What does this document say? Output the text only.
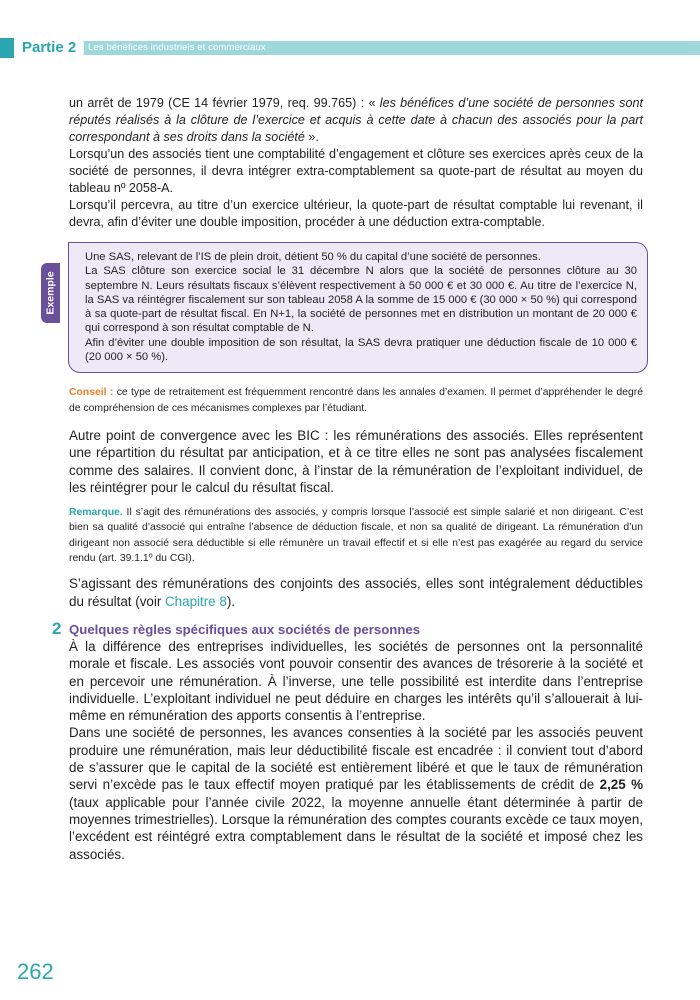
Partie 2	Les bénéfices industriels et commerciaux

un arrêt de 1979 (CE 14 février 1979, req. 99.765) : « les bénéfices d’une société de personnes sont réputés réalisés à la clôture de l’exercice et acquis à cette date à chacun des associés pour la part correspondant à ses droits dans la société ».

Lorsqu’un des associés tient une comptabilité d’engagement et clôture ses exercices après ceux de la société de personnes, il devra intégrer extra-comptablement sa quote-part de résultat au moyen du tableau nº 2058-A.

Lorsqu’il percevra, au titre d’un exercice ultérieur, la quote-part de résultat comptable lui revenant, il devra, afin d’éviter une double imposition, procéder à une déduction extra-comptable.

Exemple

Une SAS, relevant de l’IS de plein droit, détient 50 % du capital d’une société de personnes.

La SAS clôture son exercice social le 31 décembre N alors que la société de personnes clôture au 30 septembre N. Leurs résultats fiscaux s’élèvent respectivement à 50 000 € et 30 000 €. Au titre de l’exercice N, la SAS va réintégrer fiscalement sur son tableau 2058 A la somme de 15 000 € (30 000 × 50 %) qui correspond à sa quote-part de résultat fiscal. En N+1, la société de personnes met en distribution un montant de 20 000 € qui correspond à son résultat comptable de N.

Afin d’éviter une double imposition de son résultat, la SAS devra pratiquer une déduction fiscale de 10 000 € (20 000 × 50 %).

Conseil : ce type de retraitement est fréquemment rencontré dans les annales d’examen. Il permet d’appréhender le degré de compréhension de ces mécanismes complexes par l’étudiant.

Autre point de convergence avec les BIC : les rémunérations des associés. Elles représentent une répartition du résultat par anticipation, et à ce titre elles ne sont pas analysées fiscalement comme des salaires. Il convient donc, à l’instar de la rémunération de l’exploitant individuel, de les réintégrer pour le calcul du résultat fiscal.

Remarque. Il s’agit des rémunérations des associés, y compris lorsque l’associé est simple salarié et non dirigeant. C’est bien sa qualité d’associé qui entraîne l’absence de déduction fiscale, et non sa qualité de dirigeant. La rémunération d’un dirigeant non associé sera déductible si elle rémunère un travail effectif et si elle n’est pas exagérée au regard du service rendu (art. 39.1.1º du CGI).

S’agissant des rémunérations des conjoints des associés, elles sont intégralement déductibles du résultat (voir Chapitre 8).

2 Quelques règles spécifiques aux sociétés de personnes

À la différence des entreprises individuelles, les sociétés de personnes ont la personnalité morale et fiscale. Les associés vont pouvoir consentir des avances de trésorerie à la société et en percevoir une rémunération. À l’inverse, une telle possibilité est interdite dans l’entreprise individuelle. L’exploitant individuel ne peut déduire en charges les intérêts qu’il s’allouerait à lui-même en rémunération des apports consentis à l’entreprise.

Dans une société de personnes, les avances consenties à la société par les associés peuvent produire une rémunération, mais leur déductibilité fiscale est encadrée : il convient tout d’abord de s’assurer que le capital de la société est entièrement libéré et que le taux de rémunération servi n’excède pas le taux effectif moyen pratiqué par les établissements de crédit de 2,25 % (taux applicable pour l’année civile 2022, la moyenne annuelle étant déterminée à partir de moyennes trimestrielles). Lorsque la rémunération des comptes courants excède ce taux moyen, l’excédent est réintégré extra comptablement dans le résultat de la société et imposé chez les associés.

262
